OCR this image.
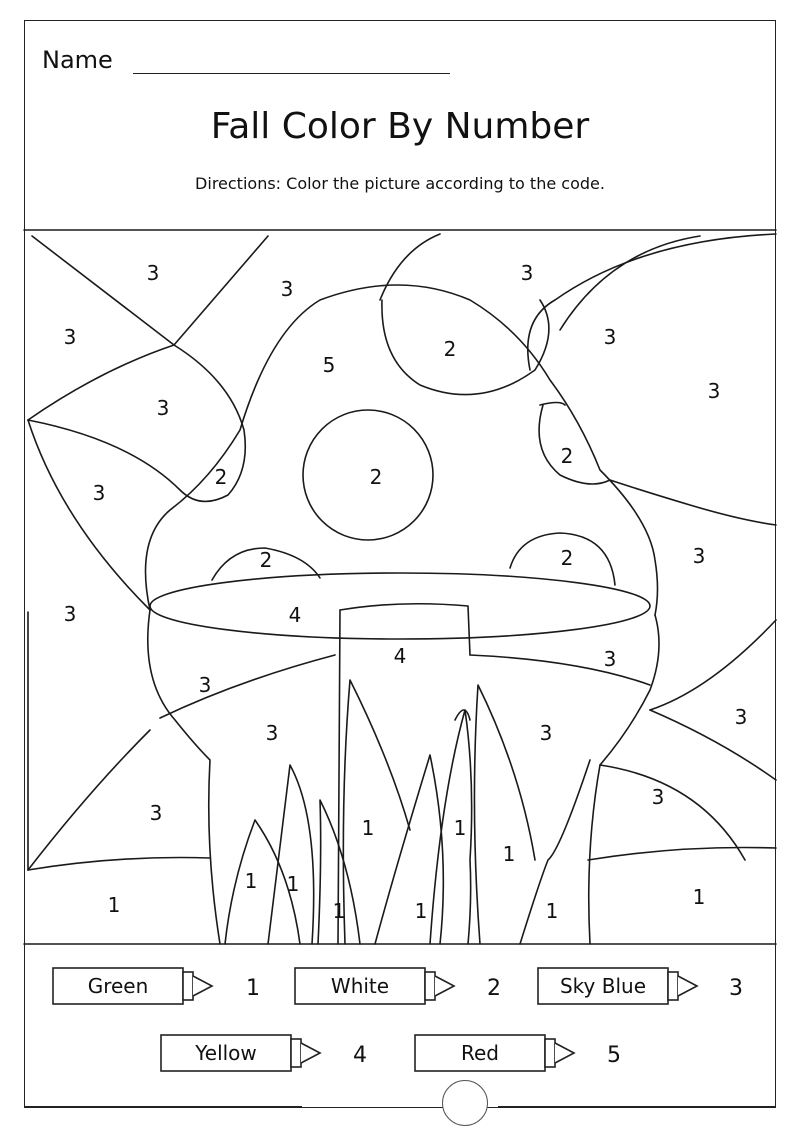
Name
Fall Color By Number
Directions: Color the picture according to the code.
3
3
3
3	2	3
5
3
3
2
3
2	2
3
2	2
3
3
4
4
3
3
3	3
3
3
1	1
1
1 1
1
1	1	1	1
Green	1	White	2	Sky Blue	3
Yellow	4	Red	5
